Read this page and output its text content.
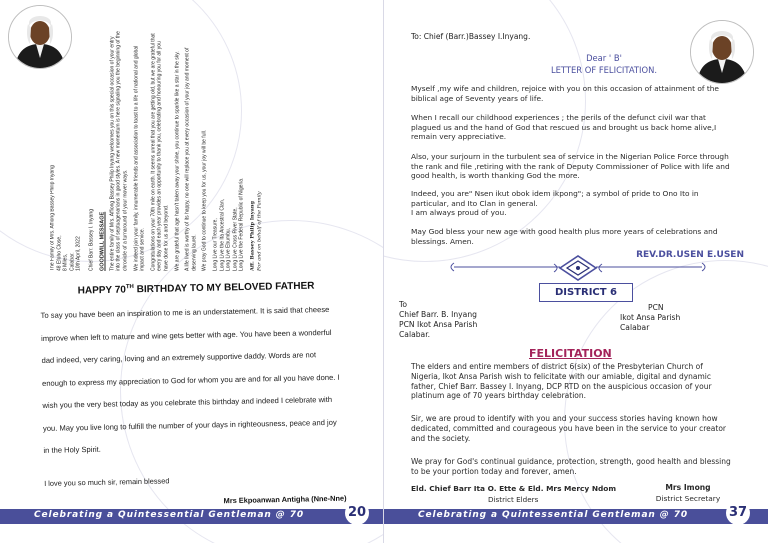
The Family of Mrs. Affiong Bassey Philip Inyang 48 Efoho Close, 8 Miles, Calabar. 10th April, 2022 Chief Barr. Bassey I. Inyang GOODWILL MESSAGE The entire family of Mrs. Affiong Bassey Philip Inyang welcomes you on this special occasion of your entry into the class of septuagenarians in good styles. A new momentum is here signaling you the beginning of the chronicle of a turnaround of your mover ways. We indeed join your family, innumerable friends and association to toast to a life of national and global impact and service. Congratulations on your 70th mile on earth. It seems unreal that you are getting old, but we are grateful that every day and each year provides an opportunity to thank you, celebrating and honouring you for all you have done for us and beyond. We are grateful that age hasn't taken away your shine, you continue to sparkle like a star in the sky. A life lived is worthy of its happy, no one will replace you at every occasion of your joy and moment of deserving laurel. We pray God to continue to keep you for us, your joy will be full. Long Live our Treasure, Long Live the Ita Ancestral Clan, Long Live Ebumbu, Long Live Cross River State, Long Live the Federal Republic of Nigeria. Aff. Bassey Philip Inyang For and on behalf of the Family
HAPPY 70TH BIRTHDAY TO MY BELOVED FATHER
To say you have been an inspiration to me is an understatement. It is said that cheese
improve when left to mature and wine gets better with age. You have been a wonderful
dad indeed, very caring, loving and an extremely supportive daddy. Words are not
enough to express my appreciation to God for whom you are and for all you have done. I
wish you the very best today as you celebrate this birthday and indeed I celebrate with
you. May you live long to fulfill the number of your days in righteousness, peace and joy
in the Holy Spirit.
I love you so much sir, remain blessed
Mrs Ekpoanwan Antigha (Nne-Nne)
Celebrating a Quintessential Gentleman @ 70	20
To: Chief (Barr.)Bassey I.Inyang.
Dear ' B'
LETTER OF FELICITATION.

Myself ,my wife and children, rejoice with you on this occasion of attainment of the biblical age of Seventy years of life.

When I recall our childhood experiences ; the perils of the defunct civil war that plagued us and the hand of God that rescued us and brought us back home alive,I remain very appreciative.

Also, your surjourn in the turbulent sea of service in the Nigerian Police Force through the rank and file ,retiring with the rank of Deputy Commissioner of Police with life and good health, is worth thanking God the more.

Indeed, you are" Nsen ikut obok idem ikpong"; a symbol of pride to Ono Ito in particular, and Ito Clan in general.
I am always proud of you.

May God bless your new age with good health plus more years of celebrations and blessings. Amen.

REV.DR.USEN E.USEN
DISTRICT 6
To
Chief Barr. B. Inyang
PCN Ikot Ansa Parish
Calabar.
PCN
Ikot Ansa Parish
Calabar
FELICITATION

The elders and entire members of district 6(six) of the Presbyterian Church of Nigeria, Ikot Ansa Parish wish to felicitate with our amiable, digital and dynamic father, Chief Barr. Bassey I. Inyang, DCP RTD on the auspicious occasion of your platinum age of 70 years birthday celebration.

Sir, we are proud to identify with you and your success stories having known how dedicated, committed and courageous you have been in the service to your creator and the society.

We pray for God's continual guidance, protection, strength, good health and blessing to be your portion today and forever, amen.

Eld. Chief Barr Ita O. Ette & Eld. Mrs Mercy Ndom
District Elders
Mrs Imong
District Secretary
Celebrating a Quintessential Gentleman @ 70	37
